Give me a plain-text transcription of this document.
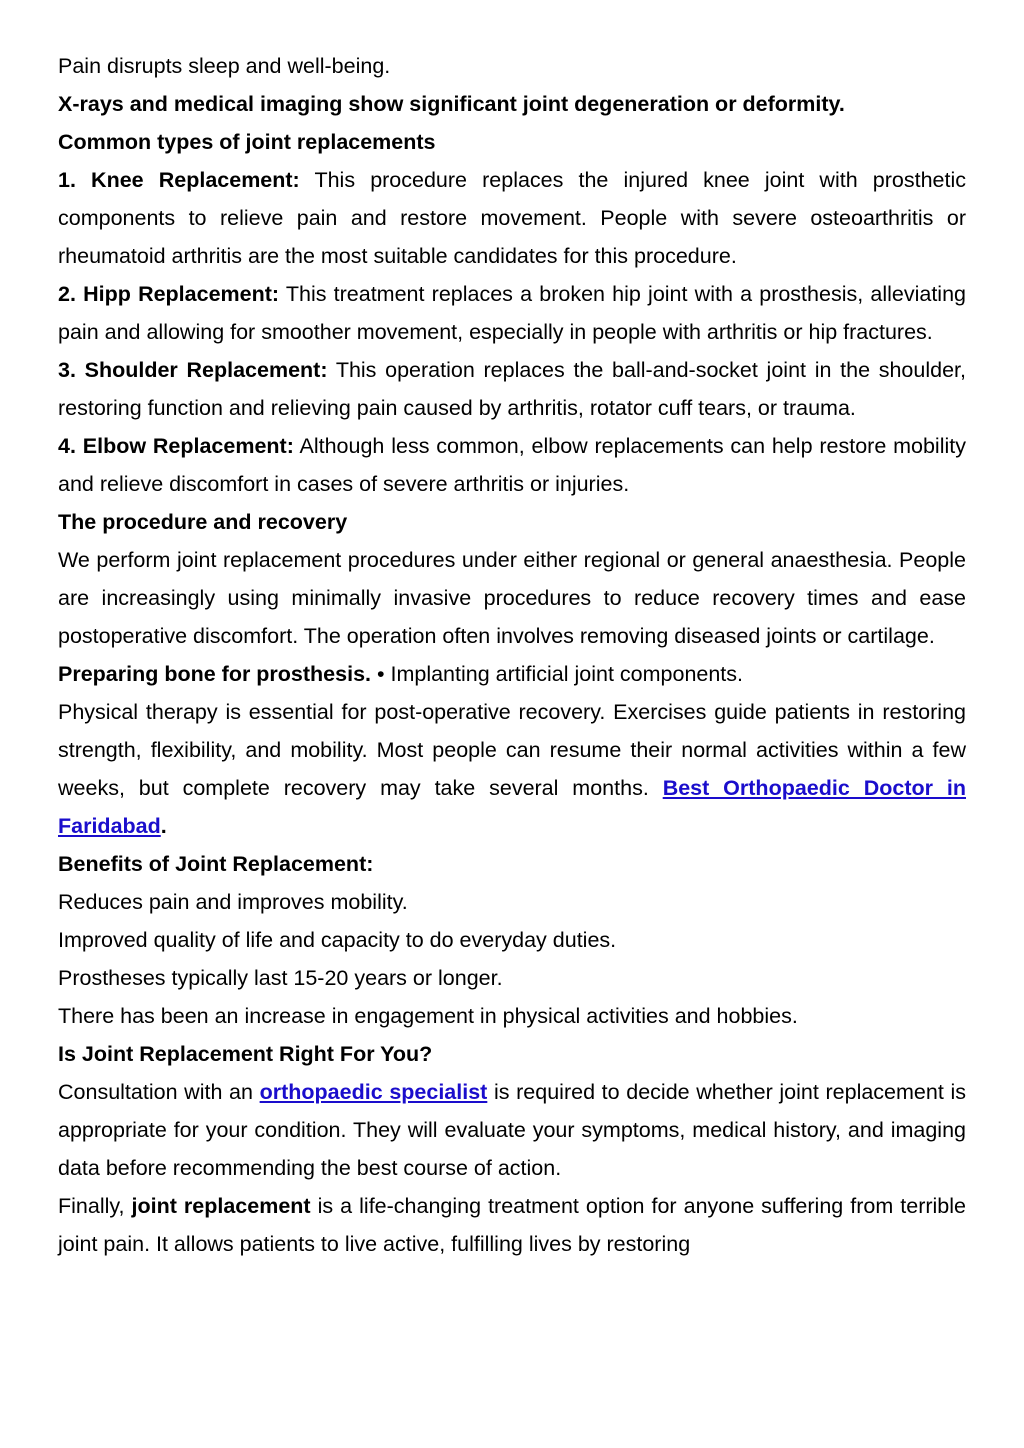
Pain disrupts sleep and well-being.

X-rays and medical imaging show significant joint degeneration or deformity.

Common types of joint replacements

1. Knee Replacement: This procedure replaces the injured knee joint with prosthetic components to relieve pain and restore movement. People with severe osteoarthritis or rheumatoid arthritis are the most suitable candidates for this procedure.

2. Hipp Replacement: This treatment replaces a broken hip joint with a prosthesis, alleviating pain and allowing for smoother movement, especially in people with arthritis or hip fractures.

3. Shoulder Replacement: This operation replaces the ball-and-socket joint in the shoulder, restoring function and relieving pain caused by arthritis, rotator cuff tears, or trauma.

4. Elbow Replacement: Although less common, elbow replacements can help restore mobility and relieve discomfort in cases of severe arthritis or injuries.

The procedure and recovery

We perform joint replacement procedures under either regional or general anaesthesia. People are increasingly using minimally invasive procedures to reduce recovery times and ease postoperative discomfort. The operation often involves removing diseased joints or cartilage.

Preparing bone for prosthesis. • Implanting artificial joint components.

Physical therapy is essential for post-operative recovery. Exercises guide patients in restoring strength, flexibility, and mobility. Most people can resume their normal activities within a few weeks, but complete recovery may take several months. Best Orthopaedic Doctor in Faridabad.

Benefits of Joint Replacement:

Reduces pain and improves mobility.

Improved quality of life and capacity to do everyday duties.

Prostheses typically last 15-20 years or longer.

There has been an increase in engagement in physical activities and hobbies.

Is Joint Replacement Right For You?

Consultation with an orthopaedic specialist is required to decide whether joint replacement is appropriate for your condition. They will evaluate your symptoms, medical history, and imaging data before recommending the best course of action.

Finally, joint replacement is a life-changing treatment option for anyone suffering from terrible joint pain. It allows patients to live active, fulfilling lives by restoring
